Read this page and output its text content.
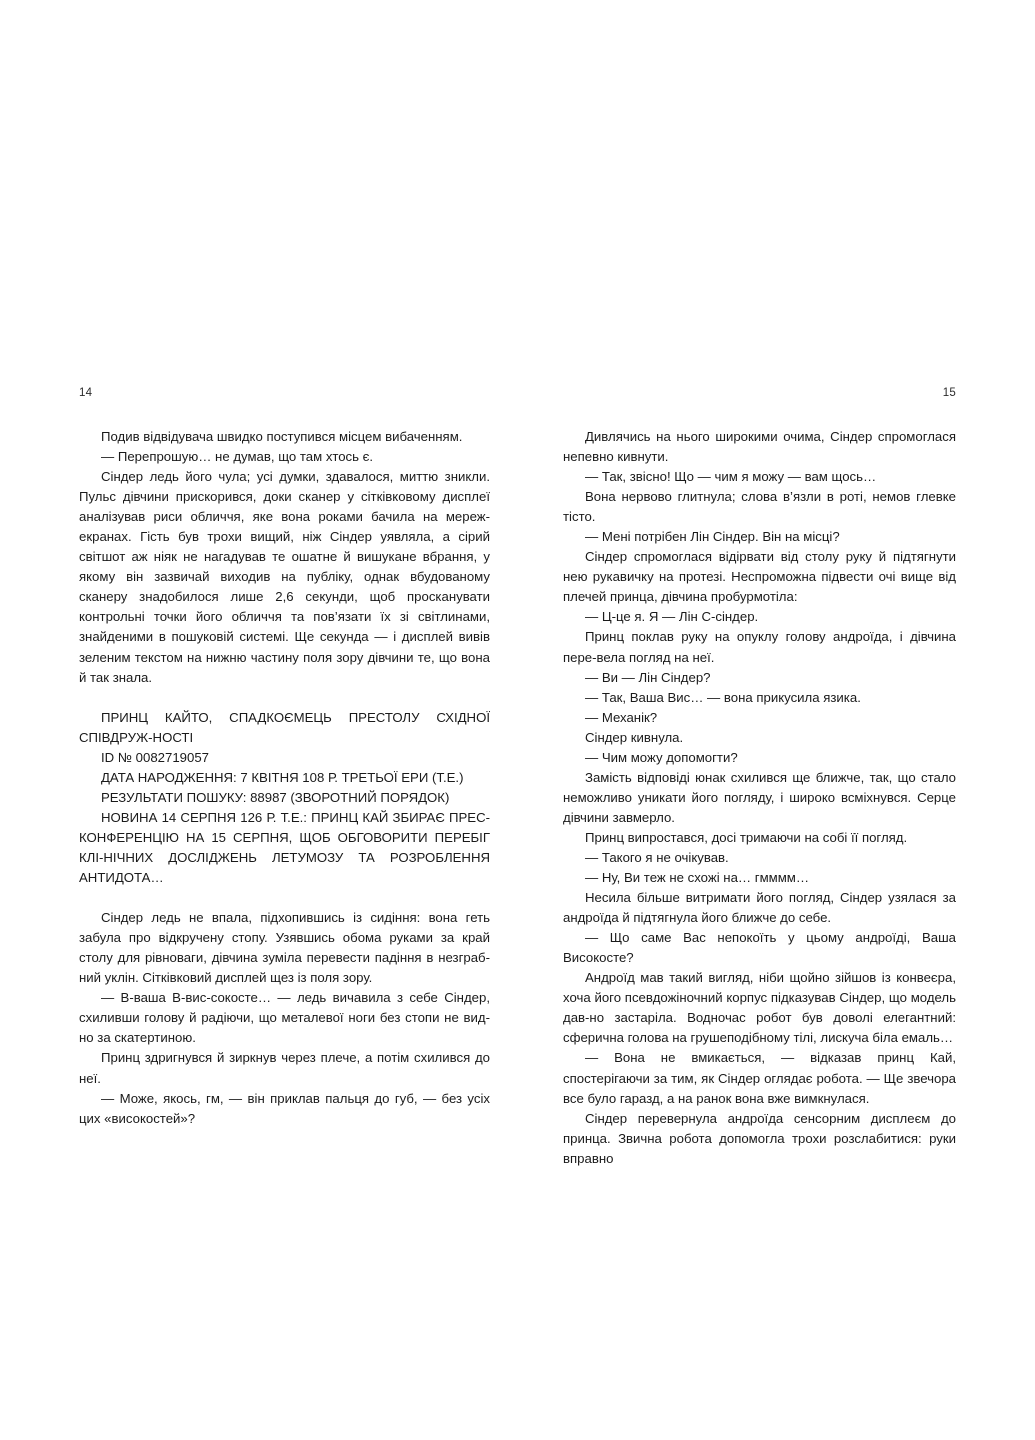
14

Подив відвідувача швидко поступився місцем вибаченням.

— Перепрошую… не думав, що там хтось є.

Сіндер ледь його чула; усі думки, здавалося, миттю зникли. Пульс дівчини прискорився, доки сканер у сітківковому дисплеї аналізував риси обличчя, яке вона роками бачила на мереж-екранах. Гість був трохи вищий, ніж Сіндер уявляла, а сірий світшот аж ніяк не нагадував те ошатне й вишукане вбрання, у якому він зазвичай виходив на публіку, однак вбудованому сканеру знадобилося лише 2,6 секунди, щоб просканувати контрольні точки його обличчя та пов’язати їх зі світлинами, знайденими в пошуковій системі. Ще секунда — і дисплей вивів зеленим текстом на нижню частину поля зору дівчини те, що вона й так знала.

ПРИНЦ КАЙТО, СПАДКОЄМЕЦЬ ПРЕСТОЛУ СХІДНОЇ СПІВДРУЖ-НОСТІ
ID № 0082719057
ДАТА НАРОДЖЕННЯ: 7 КВІТНЯ 108 Р. ТРЕТЬОЇ ЕРИ (Т.Е.)
РЕЗУЛЬТАТИ ПОШУКУ: 88987 (ЗВОРОТНИЙ ПОРЯДОК)
НОВИНА 14 СЕРПНЯ 126 Р. Т.Е.: ПРИНЦ КАЙ ЗБИРАЄ ПРЕС-КОНФЕРЕНЦІЮ НА 15 СЕРПНЯ, ЩОБ ОБГОВОРИТИ ПЕРЕБІГ КЛІ-НІЧНИХ ДОСЛІДЖЕНЬ ЛЕТУМОЗУ ТА РОЗРОБЛЕННЯ АНТИДОТА…

Сіндер ледь не впала, підхопившись із сидіння: вона геть забула про відкручену стопу. Узявшись обома руками за край столу для рівноваги, дівчина зуміла перевести падіння в незграб-ний уклін. Сітківковий дисплей щез із поля зору.

— В-ваша В-вис-сокосте… — ледь вичавила з себе Сіндер, схиливши голову й радіючи, що металевої ноги без стопи не вид-но за скатертиною.

Принц здригнувся й зиркнув через плече, а потім схилився до неї.

— Може, якось, гм, — він приклав пальця до губ, — без усіх цих «високостей»?

15

Дивлячись на нього широкими очима, Сіндер спромоглася непевно кивнути.

— Так, звісно! Що — чим я можу — вам щось…

Вона нервово глитнула; слова в’язли в роті, немов глевке тісто.

— Мені потрібен Лін Сіндер. Він на місці?

Сіндер спромоглася відірвати від столу руку й підтягнути нею рукавичку на протезі. Неспроможна підвести очі вище від плечей принца, дівчина пробурмотіла:

— Ц-це я. Я — Лін С-сіндер.

Принц поклав руку на опуклу голову андроїда, і дівчина пере-вела погляд на неї.

— Ви — Лін Сіндер?

— Так, Ваша Вис… — вона прикусила язика.

— Механік?

Сіндер кивнула.

— Чим можу допомогти?

Замість відповіді юнак схилився ще ближче, так, що стало неможливо уникати його погляду, і широко всміхнувся. Серце дівчини завмерло.

Принц випростався, досі тримаючи на собі її погляд.

— Такого я не очікував.

— Ну, Ви теж не схожі на… гмммм…

Несила більше витримати його погляд, Сіндер узялася за андроїда й підтягнула його ближче до себе.

— Що саме Вас непокоїть у цьому андроїді, Ваша Високосте?

Андроїд мав такий вигляд, ніби щойно зійшов із конвеєра, хоча його псевдожіночний корпус підказував Сіндер, що модель дав-но застаріла. Водночас робот був доволі елегантний: сферична голова на грушеподібному тілі, лискуча біла емаль…

— Вона не вмикається, — відказав принц Кай, спостерігаючи за тим, як Сіндер оглядає робота. — Ще звечора все було гаразд, а на ранок вона вже вимкнулася.

Сіндер перевернула андроїда сенсорним дисплеєм до принца. Звична робота допомогла трохи розслабитися: руки вправно
